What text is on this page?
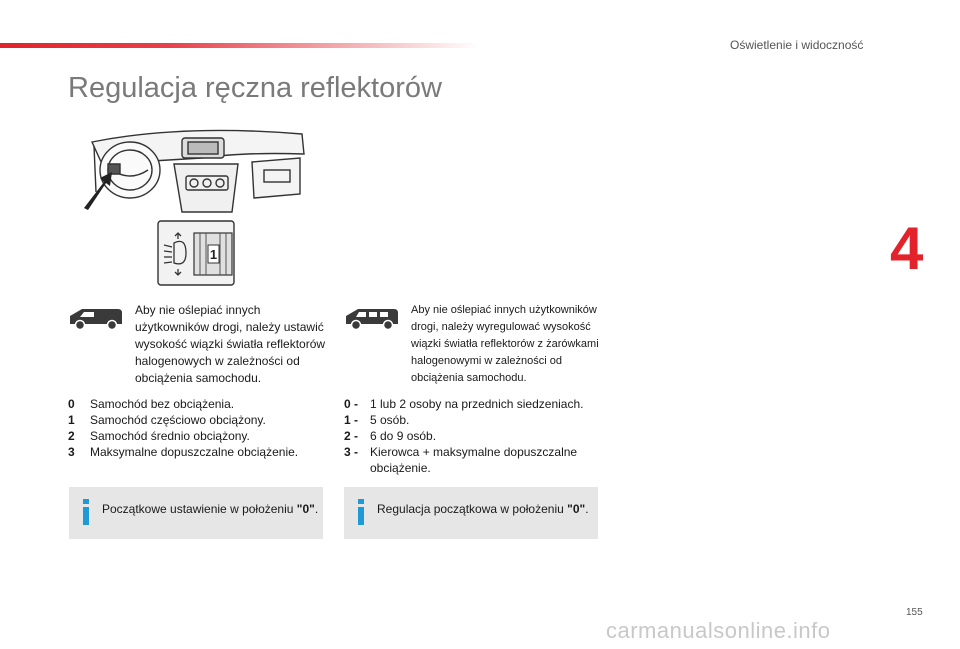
Oświetlenie i widoczność
Regulacja ręczna reflektorów
4
1
Aby nie oślepiać innych użytkowników drogi, należy ustawić wysokość wiązki światła reflektorów halogenowych w zależności od obciążenia samochodu.
Aby nie oślepiać innych użytkowników drogi, należy wyregulować wysokość wiązki światła reflektorów z żarówkami halogenowymi w zależności od obciążenia samochodu.
0	Samochód bez obciążenia.
1	Samochód częściowo obciążony.
2	Samochód średnio obciążony.
3	Maksymalne dopuszczalne obciążenie.
0 - 1 lub 2 osoby na przednich siedzeniach.
1 - 5 osób.
2 - 6 do 9 osób.
3 - Kierowca + maksymalne dopuszczalne obciążenie.
Początkowe ustawienie w położeniu "0".	Regulacja początkowa w położeniu "0".
155
carmanualsonline.info
